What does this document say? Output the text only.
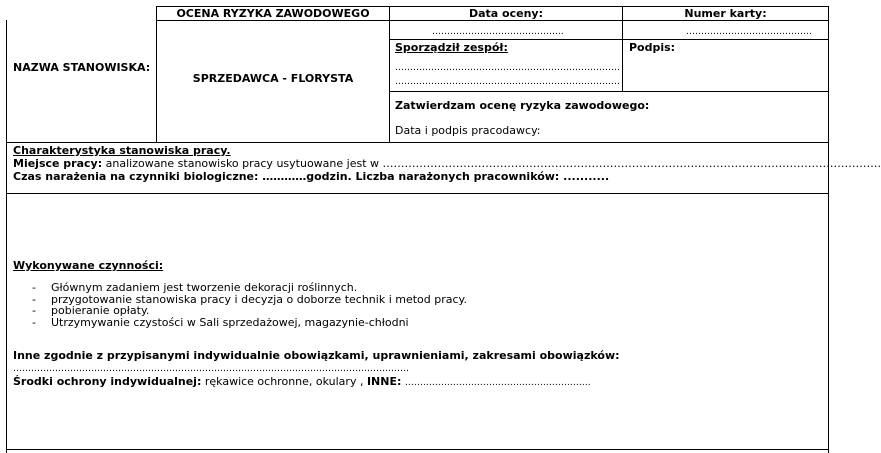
OCENA RYZYKA ZAWODOWEGO	Data oceny:	Numer karty:
……………………………………..	……………………………………
NAZWA STANOWISKA:
SPRZEDAWCA - FLORYSTA
Sporządził zespół:	Podpis:
…………………………………………………………………
…………………………………………………………………
Zatwierdzam ocenę ryzyka zawodowego:
Data i podpis pracodawcy:
Charakterystyka stanowiska pracy.
Miejsce pracy: analizowane stanowisko pracy usytuowane jest w ……………………………………………………………………………………………………………………….
Czas narażenia na czynniki biologiczne: …………godzin. Liczba narażonych pracowników: ...........
Wykonywane czynności:
- Głównym zadaniem jest tworzenie dekoracji roślinnych.
- przygotowanie stanowiska pracy i decyzja o doborze technik i metod pracy.
- pobieranie opłaty.
- Utrzymywanie czystości w Sali sprzedażowej, magazynie-chłodni
Inne zgodnie z przypisanymi indywidualnie obowiązkami, uprawnieniami, zakresami obowiązków:
……………………………………………………………………………………………………………………
Środki ochrony indywidualnej: rękawice ochronne, okulary , INNE: ……………………………………………………..
